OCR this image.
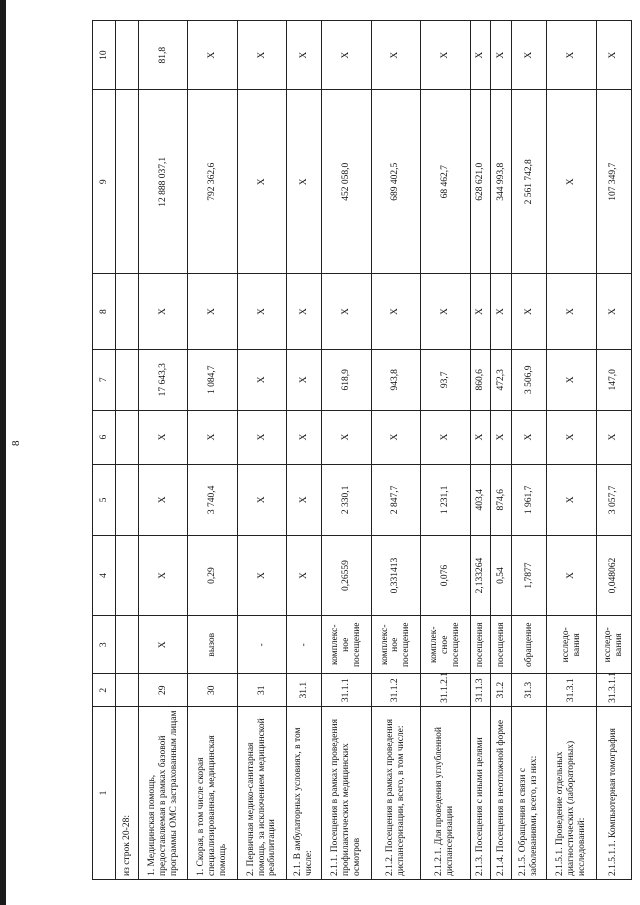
8
1	2	3	4	5	6	7	8	9	10
из строк 20-28:									
1. Медицинская помощь, предоставляемая в рамках базовой программы ОМС застрахованным лицам	29	X	X	X	X	17 643,3	X	12 888 037,1	81,8
1. Скорая, в том числе скорая специализированная, медицинская помощь	30	вызов	0,29	3 740,4	X	1 084,7	X	792 362,6	X
2. Первичная медико-санитарная помощь, за исключением медицинской реабилитации	31	-	X	X	X	X	X	X	X
2.1. В амбулаторных условиях, в том числе:	31.1	-	X	X	X	X	X	X	X
2.1.1. Посещения в рамках проведения профилактических медицинских осмотров	31.1.1	комплекс-ное посещение	0,26559	2 330,1	X	618,9	X	452 058,0	X
2.1.2. Посещения в рамках проведения диспансеризации, всего, в том числе:	31.1.2	комплекс-ное посещение	0,331413	2 847,7	X	943,8	X	689 402,5	X
2.1.2.1. Для проведения углубленной диспансеризации	31.1.2.1	комплек-сное посещение	0,076	1 231,1	X	93,7	X	68 462,7	X
2.1.3. Посещения с иными целями	31.1.3	посещения	2,133264	403,4	X	860,6	X	628 621,0	X
2.1.4. Посещения в неотложной форме	31.2	посещения	0,54	874,6	X	472,3	X	344 993,8	X
2.1.5. Обращения в связи с заболеваниями, всего, из них:	31.3	обращение	1,7877	1 961,7	X	3 506,9	X	2 561 742,8	X
2.1.5.1. Проведение отдельных диагностических (лабораторных) исследований:	31.3.1	исследо-вания	X	X	X	X	X	X	X
2.1.5.1.1. Компьютерная томография	31.3.1.1	исследо-вания	0,048062	3 057,7	X	147,0	X	107 349,7	X
